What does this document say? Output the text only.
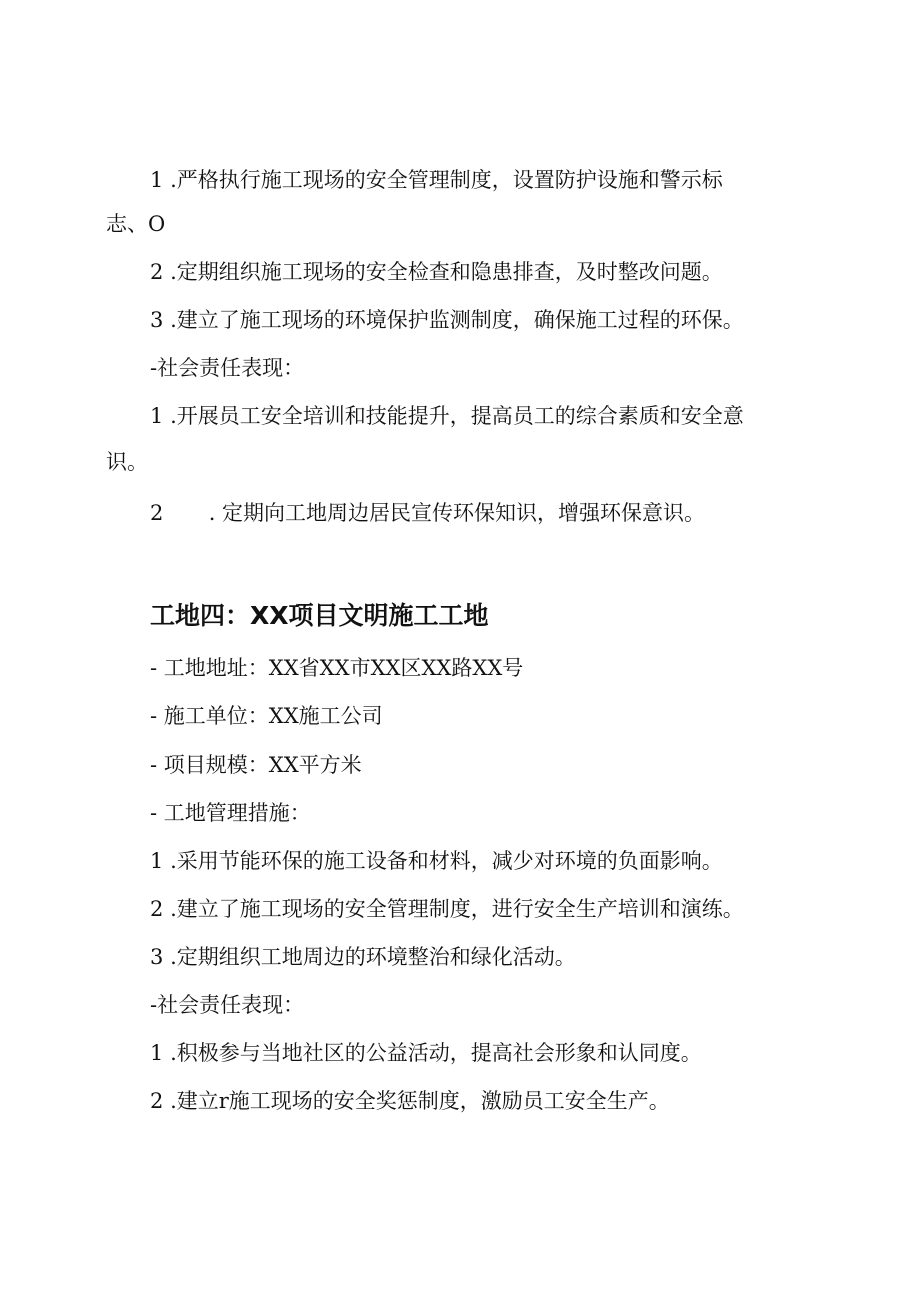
1 .严格执行施工现场的安全管理制度，设置防护设施和警示标
志、O
2 .定期组织施工现场的安全检查和隐患排查，及时整改问题。
3 .建立了施工现场的环境保护监测制度，确保施工过程的环保。
-社会责任表现：
1 .开展员工安全培训和技能提升，提高员工的综合素质和安全意
识。
2 . 定期向工地周边居民宣传环保知识，增强环保意识。
工地四：XX项目文明施工工地
- 工地地址：XX省XX市XX区XX路XX号
- 施工单位：XX施工公司
- 项目规模：XX平方米
- 工地管理措施：
1 .采用节能环保的施工设备和材料，减少对环境的负面影响。
2 .建立了施工现场的安全管理制度，进行安全生产培训和演练。
3 .定期组织工地周边的环境整治和绿化活动。
-社会责任表现：
1 .积极参与当地社区的公益活动，提高社会形象和认同度。
2 .建立r施工现场的安全奖惩制度，激励员工安全生产。
